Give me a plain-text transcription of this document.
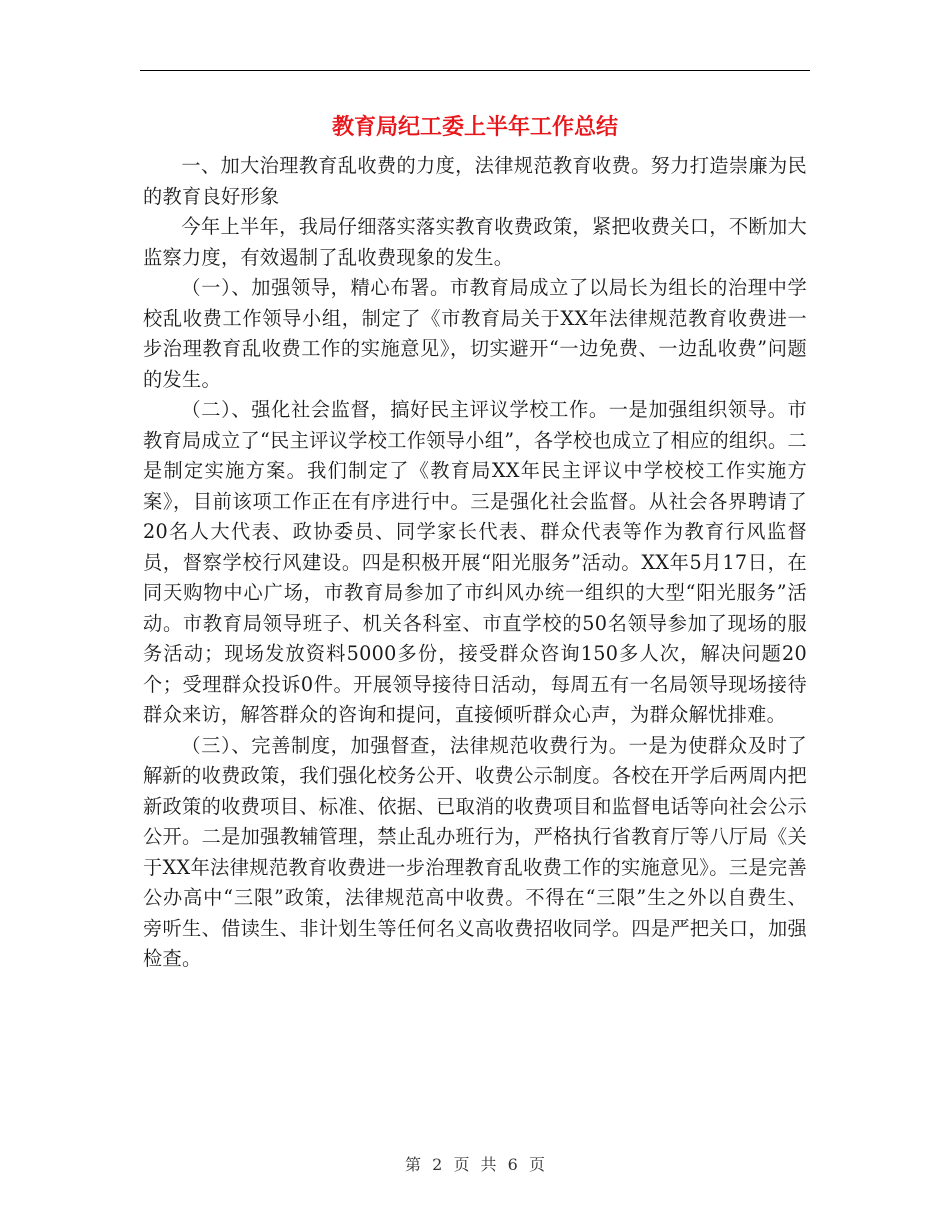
教育局纪工委上半年工作总结

一、加大治理教育乱收费的力度，法律规范教育收费。努力打造崇廉为民的教育良好形象

今年上半年，我局仔细落实落实教育收费政策，紧把收费关口，不断加大监察力度，有效遏制了乱收费现象的发生。

（一）、加强领导，精心布署。市教育局成立了以局长为组长的治理中学校乱收费工作领导小组，制定了《市教育局关于XX年法律规范教育收费进一步治理教育乱收费工作的实施意见》，切实避开“一边免费、一边乱收费”问题的发生。

（二）、强化社会监督，搞好民主评议学校工作。一是加强组织领导。市教育局成立了“民主评议学校工作领导小组”，各学校也成立了相应的组织。二是制定实施方案。我们制定了《教育局XX年民主评议中学校校工作实施方案》，目前该项工作正在有序进行中。三是强化社会监督。从社会各界聘请了20名人大代表、政协委员、同学家长代表、群众代表等作为教育行风监督员，督察学校行风建设。四是积极开展“阳光服务”活动。XX年5月17日，在同天购物中心广场，市教育局参加了市纠风办统一组织的大型“阳光服务”活动。市教育局领导班子、机关各科室、市直学校的50名领导参加了现场的服务活动；现场发放资料5000多份，接受群众咨询150多人次，解决问题20个；受理群众投诉0件。开展领导接待日活动，每周五有一名局领导现场接待群众来访，解答群众的咨询和提问，直接倾听群众心声，为群众解忧排难。

（三）、完善制度，加强督查，法律规范收费行为。一是为使群众及时了解新的收费政策，我们强化校务公开、收费公示制度。各校在开学后两周内把新政策的收费项目、标准、依据、已取消的收费项目和监督电话等向社会公示公开。二是加强教辅管理，禁止乱办班行为，严格执行省教育厅等八厅局《关于XX年法律规范教育收费进一步治理教育乱收费工作的实施意见》。三是完善公办高中“三限”政策，法律规范高中收费。不得在“三限”生之外以自费生、旁听生、借读生、非计划生等任何名义高收费招收同学。四是严把关口，加强检查。

第 2 页 共 6 页
